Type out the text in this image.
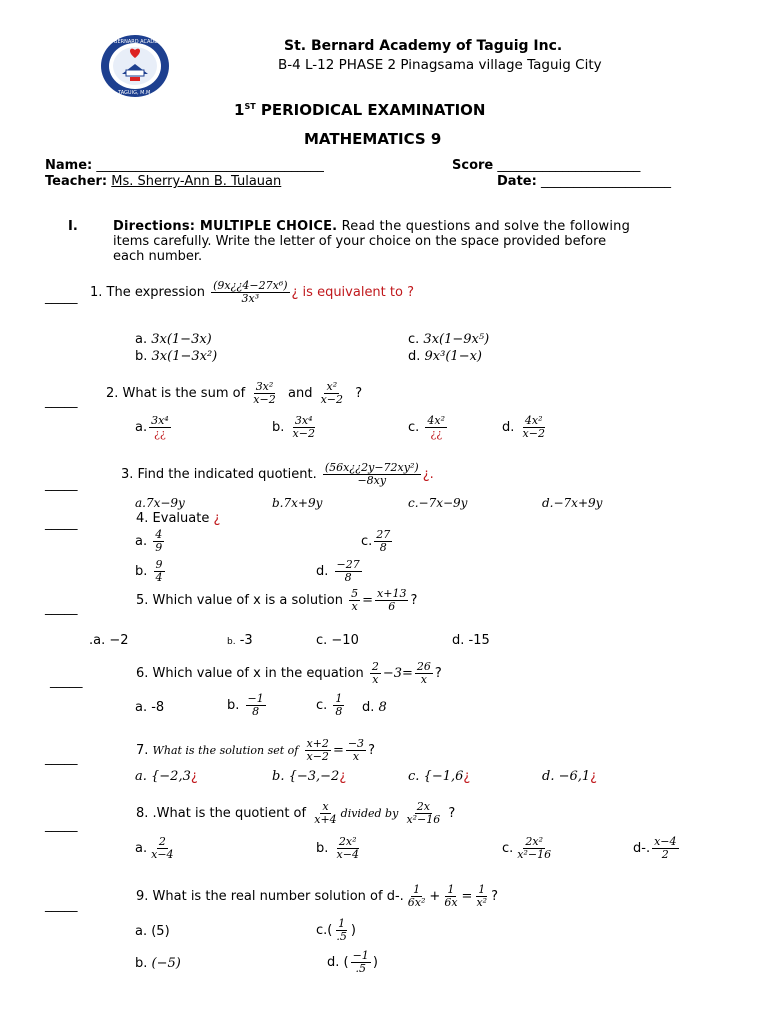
ST. BERNARD ACADEMY
TAGUIG, M.M.
St. Bernard Academy of Taguig Inc.
B-4 L-12 PHASE 2 Pinagsama village Taguig City
1ST PERIODICAL EXAMINATION
MATHEMATICS 9
Name: ___________________________________	Score ______________________
Teacher: Ms. Sherry-Ann B. Tulauan	Date: ____________________
I.	Directions: MULTIPLE CHOICE. Read the questions and solve the following
items carefully. Write the letter of your choice on the space provided before
each number.
_____ 1. The expression $\frac{\text{(9x¿¿4−27x⁶)}}{\text{3x³}}$ ¿ is equivalent to ?
a. 3x(1−3x)
b. 3x(1−3x²)
c. 3x(1−9x⁵)
d. 9x³(1−x)
_____
2. What is the sum of $\frac{\text{3x²}}{x-2}$ and $\frac{\text{x²}}{x-2}$ ?
a. $\frac{\text{3x⁴}}{¿¿}$	b. $\frac{\text{3x⁴}}{x-2}$	c. $\frac{\text{4x²}}{¿¿}$	d. $\frac{\text{4x²}}{x-2}$
_____
3. Find the indicated quotient. $\frac{\text{(56x¿¿2y−72xy²)}}{-8xy}$ ¿.
a.7x−9y	b.7x+9y	c.−7x−9y	d.−7x+9y
_____	4. Evaluate ¿
a. $\frac{4}{9}$	c. $\frac{27}{8}$
b. $\frac{9}{4}$	d. $\frac{-27}{8}$
_____
5. Which value of x is a solution $\frac{5}{x} = \frac{x+13}{6}$ ?
.a. −2	b. -3	c. −10	d. -15
_____
6. Which value of x in the equation $\frac{2}{x} -3= \frac{26}{x}$ ?
a. -8	b. $\frac{-1}{8}$	c. $\frac{1}{8} d$. 8
_____
7. What is the solution set of $\frac{x+2}{x-2} = \frac{-3}{x}$ ?
a. {−2,3¿	b. {−3,−2¿	c. {−1,6¿	d. −6,1¿
_____
8. .What is the quotient of $\frac{x}{x+4}$ divided by $\frac{2x}{\text{x²−16}}$ ?
a. $\frac{2}{x-4}$	b. $\frac{\text{2x²}}{x-4}$	c. $\frac{\text{2x²}}{\text{x²−16}}$	d-. $\frac{x-4}{2}$
_____
9. What is the real number solution of d-. $\frac{1}{\text{6x²}} + \frac{1}{6x} = \frac{1}{\text{x²}}$ ?
a. (5)	$c.( \frac{1}{.5}$ )
b. (−5)	d. ( $\frac{-1}{.5}$ )
